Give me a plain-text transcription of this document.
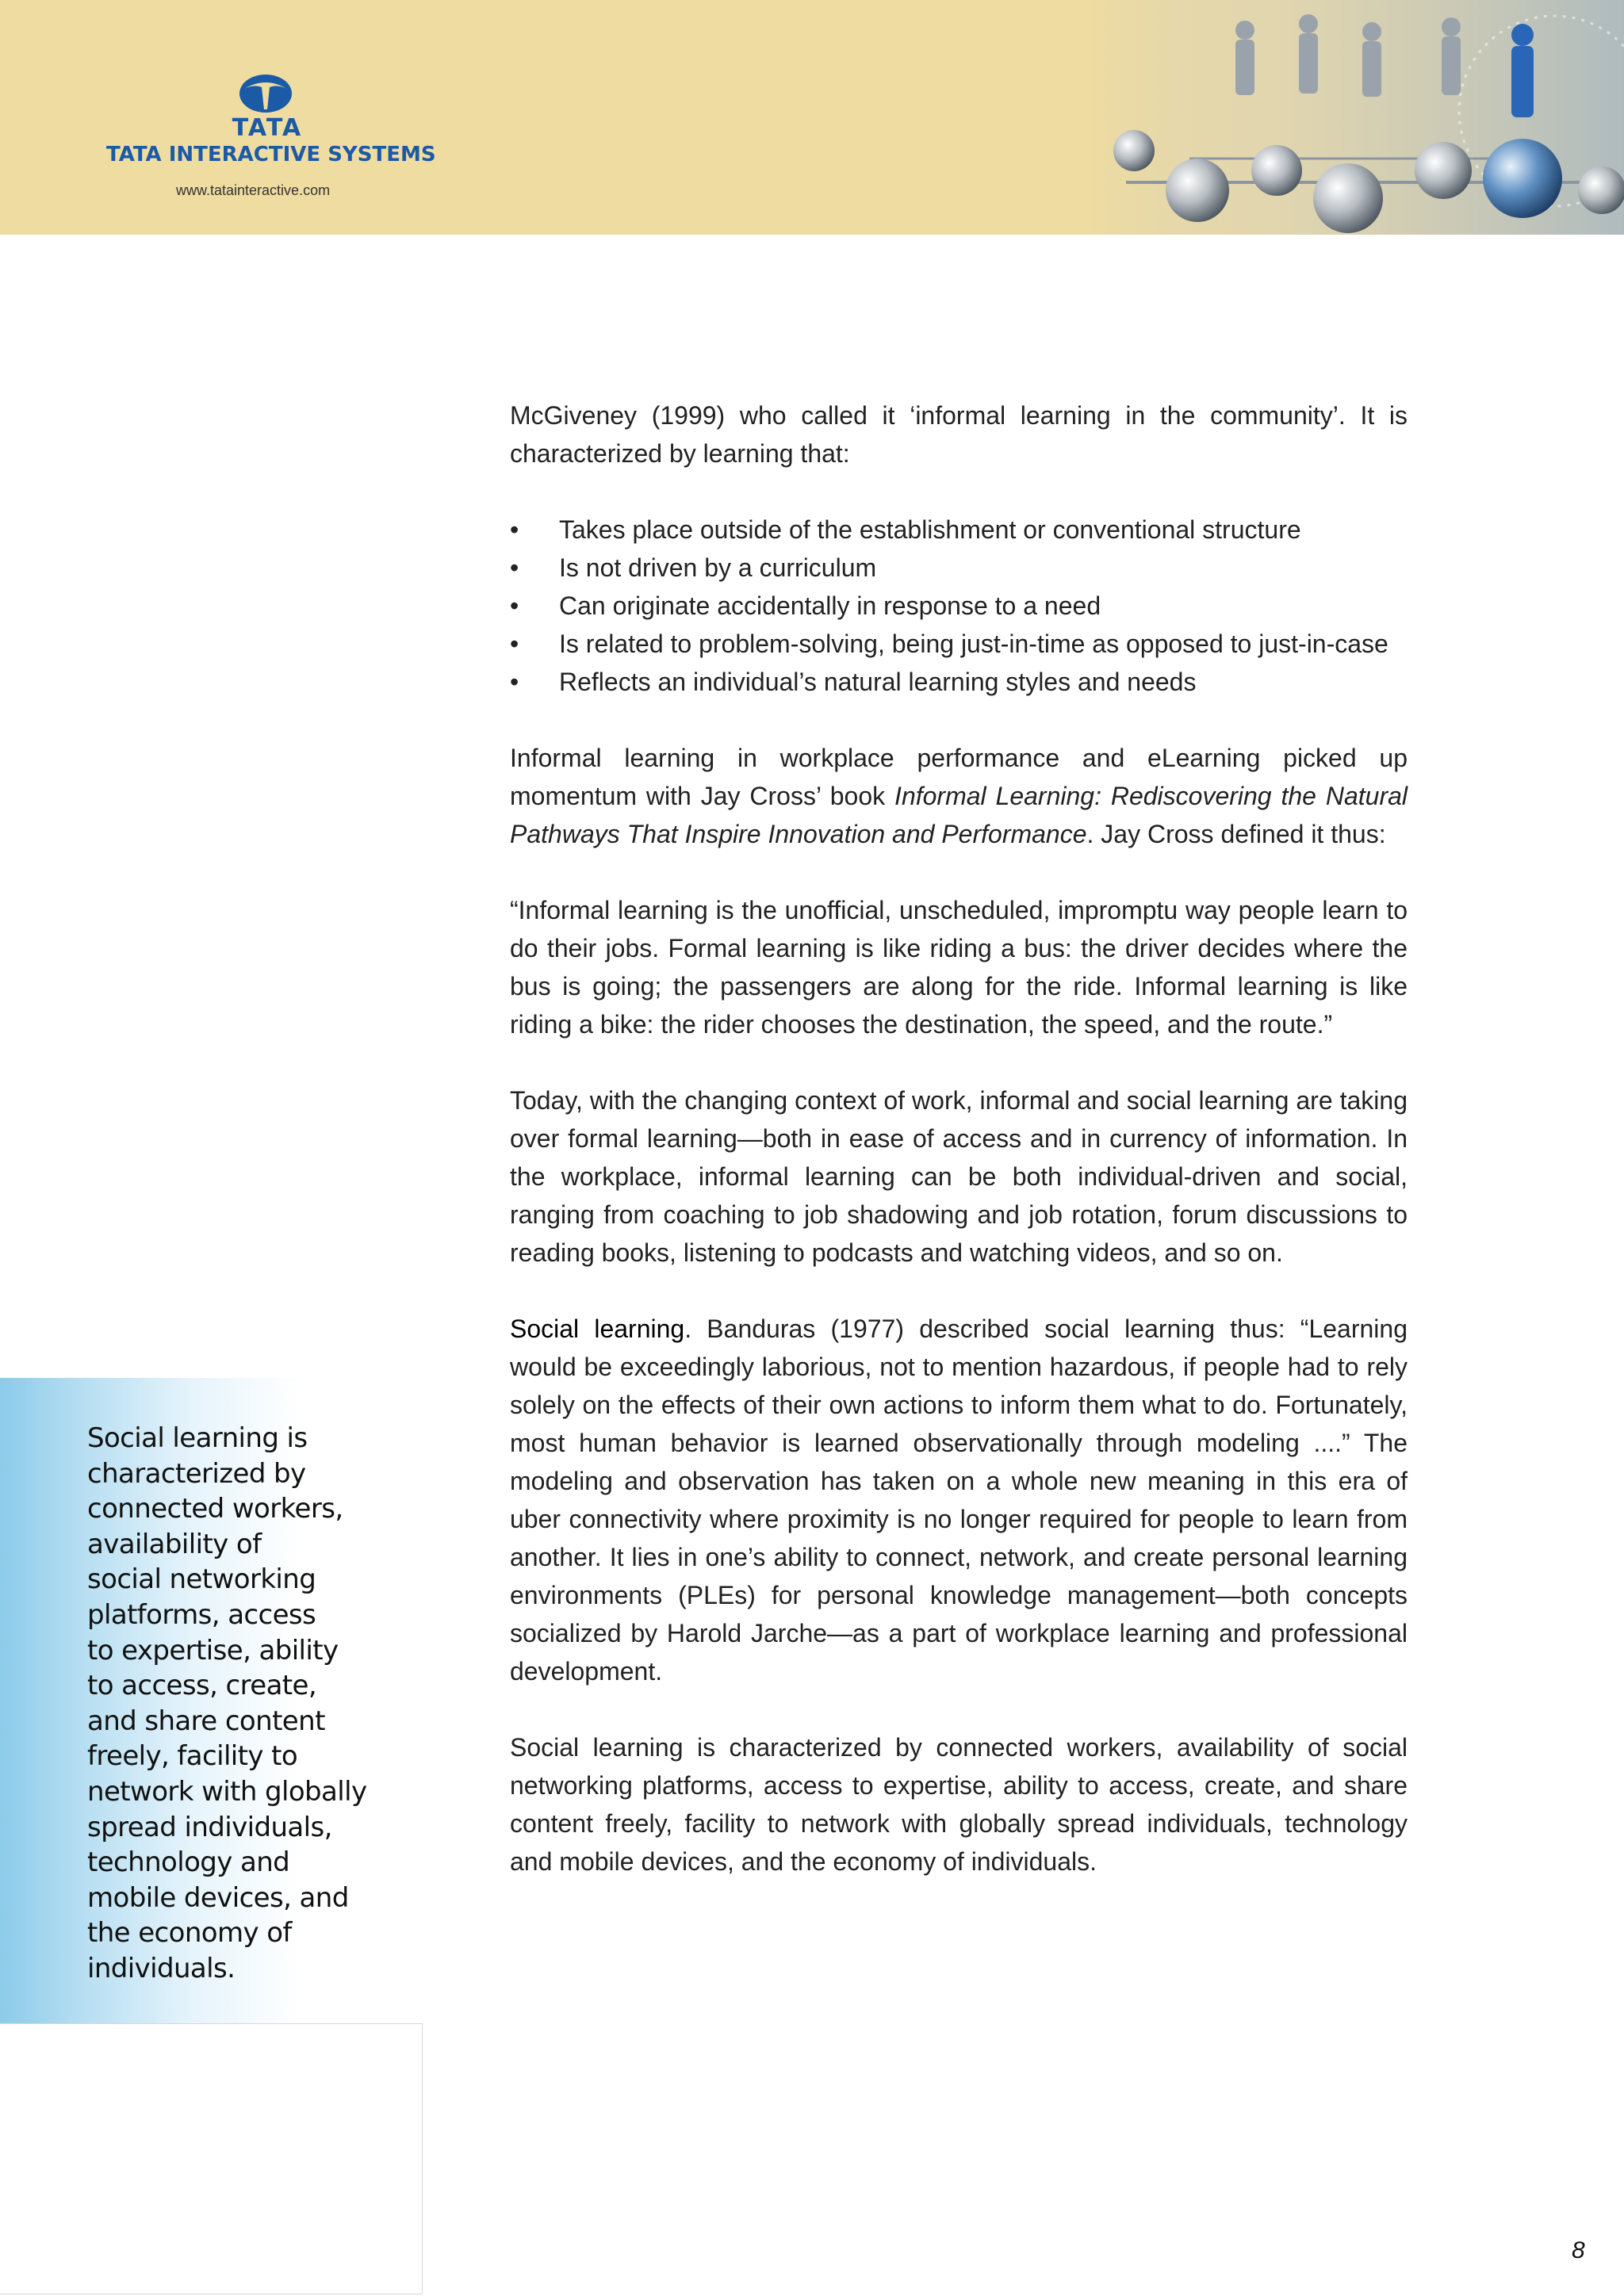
TATA
TATA INTERACTIVE SYSTEMS
www.tatainteractive.com

McGiveney (1999) who called it ‘informal learning in the community’. It is characterized by learning that:

• Takes place outside of the establishment or conventional structure
• Is not driven by a curriculum
• Can originate accidentally in response to a need
• Is related to problem-solving, being just-in-time as opposed to just-in-case
• Reflects an individual’s natural learning styles and needs

Informal learning in workplace performance and eLearning picked up momentum with Jay Cross’ book Informal Learning: Rediscovering the Natural Pathways That Inspire Innovation and Performance. Jay Cross defined it thus:

“Informal learning is the unofficial, unscheduled, impromptu way people learn to do their jobs. Formal learning is like riding a bus: the driver decides where the bus is going; the passengers are along for the ride. Informal learning is like riding a bike: the rider chooses the destination, the speed, and the route.”

Today, with the changing context of work, informal and social learning are taking over formal learning—both in ease of access and in currency of information. In the workplace, informal learning can be both individual-driven and social, ranging from coaching to job shadowing and job rotation, forum discussions to reading books, listening to podcasts and watching videos, and so on.

Social learning. Banduras (1977) described social learning thus: “Learning would be exceedingly laborious, not to mention hazardous, if people had to rely solely on the effects of their own actions to inform them what to do. Fortunately, most human behavior is learned observationally through modeling ....” The modeling and observation has taken on a whole new meaning in this era of uber connectivity where proximity is no longer required for people to learn from another. It lies in one’s ability to connect, network, and create personal learning environments (PLEs) for personal knowledge management—both concepts socialized by Harold Jarche—as a part of workplace learning and professional development.

Social learning is characterized by connected workers, availability of social networking platforms, access to expertise, ability to access, create, and share content freely, facility to network with globally spread individuals, technology and mobile devices, and the economy of individuals.

Social learning is
characterized by
connected workers,
availability of
social networking
platforms, access
to expertise, ability
to access, create,
and share content
freely, facility to
network with globally
spread individuals,
technology and
mobile devices, and
the economy of
individuals.
8
